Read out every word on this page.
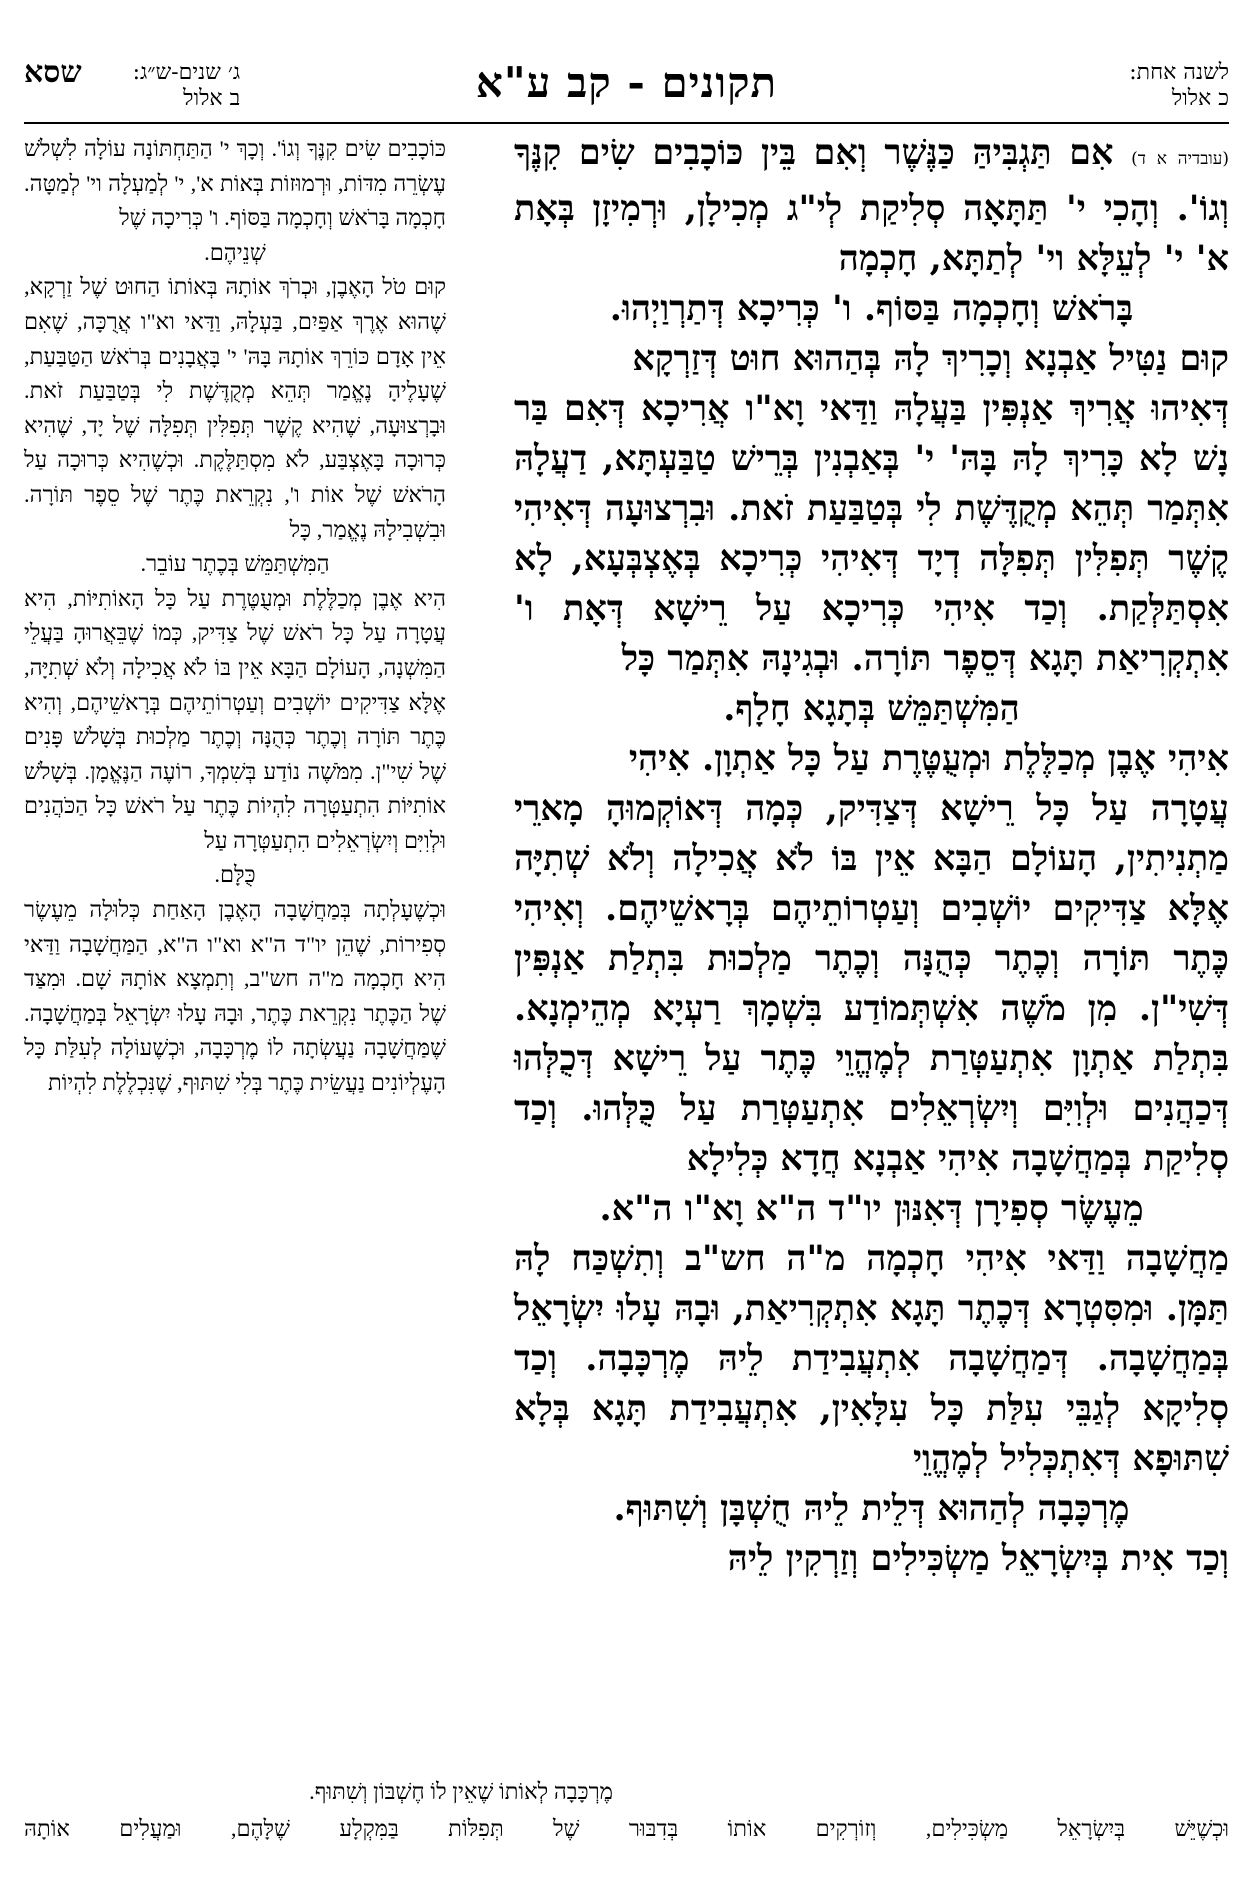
לשנה אחת:
כ אלול
תקונים - קב ע"א
ג׳ שנים-ש״ג:
ב אלול
שסא

(עובדיה א ד) אִם תַּגְבִּיהַּ כַּנֶּשֶׁר וְאִם בֵּין כּוֹכָבִים שִׂים קִנֶּךָ וְגוֹ'. וְהָכִי י' תַּתָּאָה סְלִיקַת לְי"ג מְכִילָן, וּרְמִיזָן בְּאָת א' י' לְעֵלָּא וי' לְתַתָּא, חָכְמָה

בָּרֹאשׁ וְחָכְמָה בַּסּוֹף. ו' כְּרִיכָא דְּתַרְוַיְהוּ.

קוּם נַטִּיל אַבְנָא וְכָרִיךְ לָהּ בְּהַהוּא חוּט דְּזַרְקָא

דְּאִיהוּ אֲרִיךְ אַנְפִּין בַּעֲלָהּ וַדַּאי וָא"ו אֲרִיכָא דְּאִם בַּר נָשׁ לָא כָּרִיךְ לָהּ בָּהּ' י' בְּאַבְנִין בְּרֵישׁ טַבַּעְתָּא, דַעֲלָהּ אִתְּמַר תְּהֵא מְקֻדֶּשֶׁת לִי בְּטַבַּעַת זֹאת. וּבִרְצוּעָה דְּאִיהִי קֶשֶׁר תְּפִלִּין תְּפִלָּה דְיָד דְּאִיהִי כְּרִיכָא בְּאֶצְבְּעָא, לָא אִסְתַּלְּקַת. וְכַד אִיהִי כְּרִיכָא עַל רֵישָׁא דְּאָת ו' אִתְקְרִיאַת תָּגָא דְּסֵפֶר תּוֹרָה. וּבְגִינָהּ אִתְּמַר כָּל

הַמִּשְׁתַּמֵּשׁ בְּתָגָא חָלָף.

אִיהִי אֶבֶן מְכַלֶּלֶת וּמְעֻטֶּרֶת עַל כָּל אַתְוָן. אִיהִי

עֲטָרָה עַל כָּל רֵישָׁא דְּצַדִּיק, כְּמָה דְּאוֹקְמוּהָ מָארֵי מַתְנִיתִין, הָעוֹלָם הַבָּא אֵין בּוֹ לֹא אֲכִילָה וְלֹא שְׁתִיָּה אֶלָּא צַדִּיקִים יוֹשְׁבִים וְעַטְרוֹתֵיהֶם בְּרָאשֵׁיהֶם. וְאִיהִי כֶּתֶר תּוֹרָה וְכֶתֶר כְּהֻנָּה וְכֶתֶר מַלְכוּת בִּתְלַת אַנְפִּין דְּשִׁי"ן. מִן מֹשֶׁה אִשְׁתְּמוֹדַע בִּשְׁמָךְ רַעְיָא מְהֵימְנָא. בִּתְלַת אַתְוָן אִתְעַטְּרַת לְמֶהֱוֵי כֶּתֶר עַל רֵישָׁא דְּכֻלְּהוּ דְּכַהֲנִים וּלְוִיִּם וְיִשְׂרְאֵלִים אִתְעַטְּרַת עַל כֻּלְּהוּ. וְכַד סְלִיקַת בְּמַחֲשָׁבָה אִיהִי אַבְנָא חֲדָא כְּלִילָא

מֵעֶשֶׂר סְפִירָן דְּאִנּוּן יו"ד ה"א וָא"ו ה"א.

מַחֲשָׁבָה וַדַּאי אִיהִי חָכְמָה מ"ה חש"ב וְתִשְׁכַּח לָהּ תַּמָּן. וּמִסִּטְרָא דְּכֶתֶר תָּגָא אִתְקְרִיאַת, וּבָהּ עָלוּ יִשְׂרָאֵל בְּמַחֲשָׁבָה. דְּמַחֲשָׁבָה אִתְעֲבִידַת לֵיהּ מֶרְכָּבָה. וְכַד סְלִיקָא לְגַבֵּי עִלַּת כָּל עִלָּאִין, אִתְעֲבִידַת תָּגָא בְּלָא שִׁתּוּפָא דְּאִתְכְּלִיל לְמֶהֱוֵי

מֶרְכָּבָה לְהַהוּא דְּלֵית לֵיהּ חֻשְׁבָּן וְשִׁתּוּף.

וְכַד אִית בְּיִשְׂרָאֵל מַשְׂכִּילִים וְזַרְקִין לֵיהּ

כּוֹכָבִים שִׂים קִנֶּךָ וְגוֹ'. וְכָךְ י' הַתַּחְתּוֹנָה עוֹלָה לִשְׁלֹשׁ עֶשְׂרֵה מִדּוֹת, וּרְמוּזוֹת בְּאוֹת א', י' לְמַעְלָה וי' לְמַטָּה. חָכְמָה בָּרֹאשׁ וְחָכְמָה בַּסּוֹף. ו' כְּרִיכָה שֶׁל

שְׁנֵיהֶם.

קוּם טֹל הָאֶבֶן, וּכְרֹךְ אוֹתָהּ בְּאוֹתוֹ הַחוּט שֶׁל זַרְקָא, שֶׁהוּא אֶרֶךְ אַפַּיִם, בַּעְלָהּ, וַדַּאי וא"ו אֲרֻכָּה, שֶׁאִם אֵין אָדָם כּוֹרֵךְ אוֹתָהּ בָּהּ' י' בָּאֲבָנִים בְּרֹאשׁ הַטַּבַּעַת, שֶׁעָלֶיהָ נֶאֱמַר תְּהֵא מְקֻדֶּשֶׁת לִי בְּטַבַּעַת זֹאת. וּבָרְצוּעָה, שֶׁהִיא קֶשֶׁר תְּפִלִּין תְּפִלָּה שֶׁל יָד, שֶׁהִיא כְּרוּכָה בָּאֶצְבַּע, לֹא מִסְתַּלֶּקֶת. וּכְשֶׁהִיא כְּרוּכָה עַל הָרֹאשׁ שֶׁל אוֹת ו', נִקְרֵאת כֶּתֶר שֶׁל סֵפֶר תּוֹרָה. וּבִשְׁבִילָהּ נֶאֱמַר, כָּל

הַמִּשְׁתַּמֵּשׁ בְּכֶתֶר עוֹבֵר.

הִיא אֶבֶן מְכַלֶּלֶת וּמְעֻטֶּרֶת עַל כָּל הָאוֹתִיּוֹת, הִיא עֲטָרָה עַל כָּל רֹאשׁ שֶׁל צַדִּיק, כְּמוֹ שֶׁבֵּאֲרוּהָ בַּעֲלֵי הַמִּשְׁנָה, הָעוֹלָם הַבָּא אֵין בּוֹ לֹא אֲכִילָה וְלֹא שְׁתִיָּה, אֶלָּא צַדִּיקִים יוֹשְׁבִים וְעַטְרוֹתֵיהֶם בְּרָאשֵׁיהֶם, וְהִיא כֶּתֶר תּוֹרָה וְכֶתֶר כְּהֻנָּה וְכֶתֶר מַלְכוּת בְּשָׁלֹשׁ פָּנִים שֶׁל שִׁי"ן. מִמֹּשֶׁה נוֹדַע בְּשִׁמְךָ, רוֹעֶה הַנֶּאֱמָן. בְּשָׁלֹשׁ אוֹתִיּוֹת הִתְעַטְּרָה לִהְיוֹת כֶּתֶר עַל רֹאשׁ כָּל הַכֹּהֲנִים וּלְוִיִּם וְיִשְׂרְאֵלִים הִתְעַטְּרָה עַל

כֻּלָּם.

וּכְשֶׁעָלְתָה בְּמַחֲשָׁבָה הָאֶבֶן הָאַחַת כְּלוּלָה מֵעֶשֶׂר סְפִירוֹת, שֶׁהֵן יו"ד ה"א וא"ו ה"א, הַמַּחֲשָׁבָה וַדַּאי הִיא חָכְמָה מ"ה חש"ב, וְתִמְצָא אוֹתָהּ שָׁם. וּמִצַּד שֶׁל הַכֶּתֶר נִקְרֵאת כֶּתֶר, וּבָהּ עָלוּ יִשְׂרָאֵל בְּמַחֲשָׁבָה. שֶׁמַּחֲשָׁבָה נַעֲשְׂתָה לוֹ מֶרְכָּבָה, וּכְשֶׁעוֹלָה לְעִלַּת כָּל הָעֶלְיוֹנִים נַעֲשֵׂית כֶּתֶר בְּלִי שִׁתּוּף, שֶׁנִּכְלֶלֶת לִהְיוֹת

מֶרְכָּבָה לְאוֹתוֹ שֶׁאֵין לוֹ חֶשְׁבּוֹן וְשִׁתּוּף.
וּכְשֶׁיֵּשׁ בְּיִשְׂרָאֵל מַשְׂכִּילִים, וְזוֹרְקִים אוֹתוֹ בְּדִבּוּר שֶׁל תְּפִלּוֹת בַּמִּקְלָע שֶׁלָּהֶם, וּמַעֲלִים אוֹתָהּ
